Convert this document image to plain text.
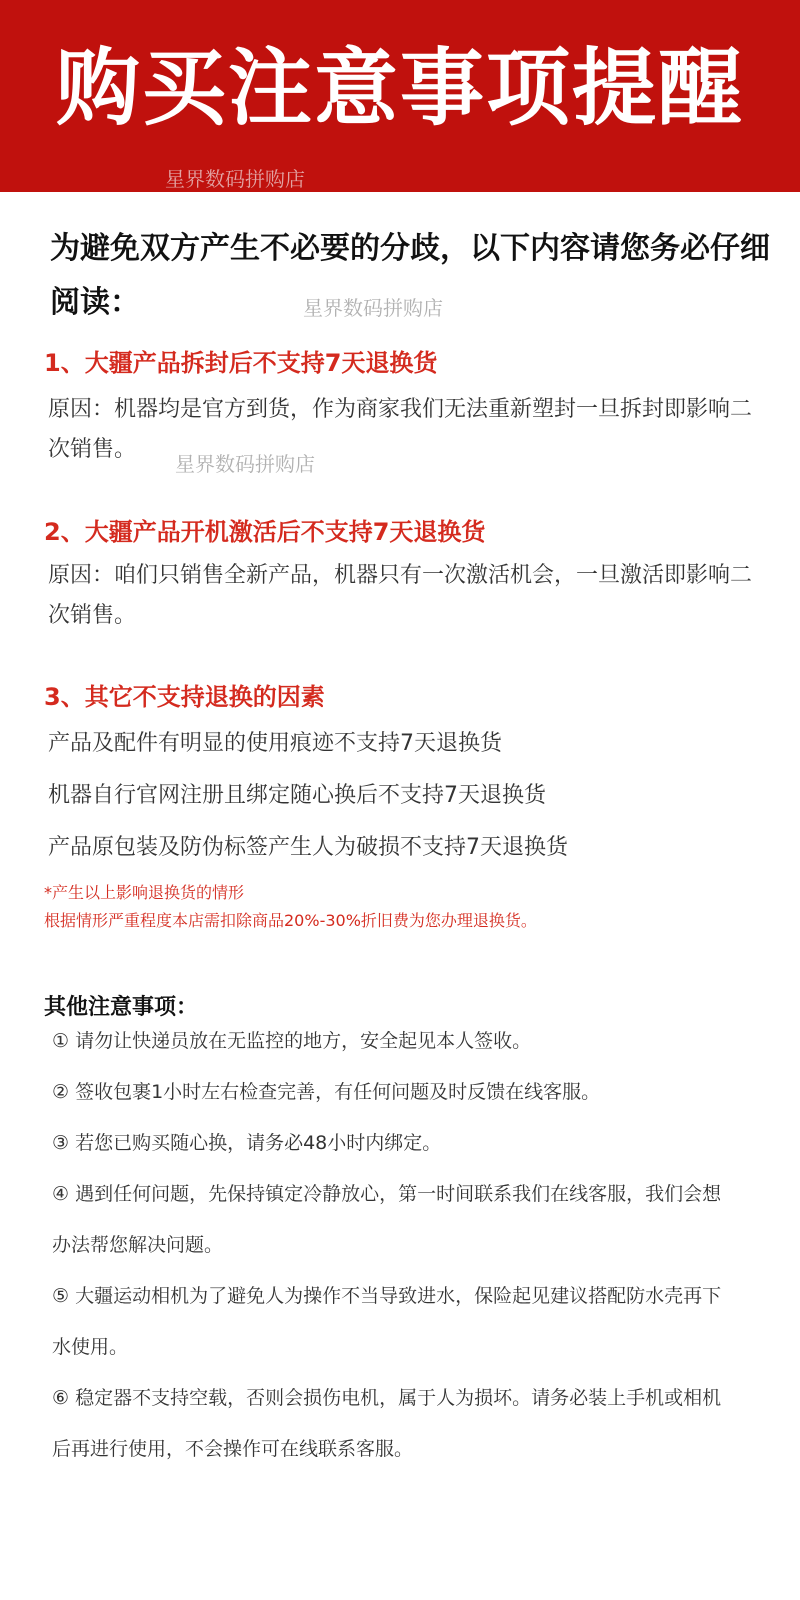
购买注意事项提醒
星界数码拼购店
为避免双方产生不必要的分歧，以下内容请您务必仔细阅读：	星界数码拼购店
1、大疆产品拆封后不支持7天退换货
原因：机器均是官方到货，作为商家我们无法重新塑封一旦拆封即影响二次销售。
星界数码拼购店
2、大疆产品开机激活后不支持7天退换货
原因：咱们只销售全新产品，机器只有一次激活机会，一旦激活即影响二次销售。
3、其它不支持退换的因素
产品及配件有明显的使用痕迹不支持7天退换货
机器自行官网注册且绑定随心换后不支持7天退换货
产品原包装及防伪标签产生人为破损不支持7天退换货
*产生以上影响退换货的情形
根据情形严重程度本店需扣除商品20%-30%折旧费为您办理退换货。
其他注意事项：
① 请勿让快递员放在无监控的地方，安全起见本人签收。
② 签收包裹1小时左右检查完善，有任何问题及时反馈在线客服。
③ 若您已购买随心换，请务必48小时内绑定。
④ 遇到任何问题，先保持镇定冷静放心，第一时间联系我们在线客服，我们会想办法帮您解决问题。
⑤ 大疆运动相机为了避免人为操作不当导致进水，保险起见建议搭配防水壳再下水使用。
⑥ 稳定器不支持空载，否则会损伤电机，属于人为损坏。请务必装上手机或相机后再进行使用，不会操作可在线联系客服。
